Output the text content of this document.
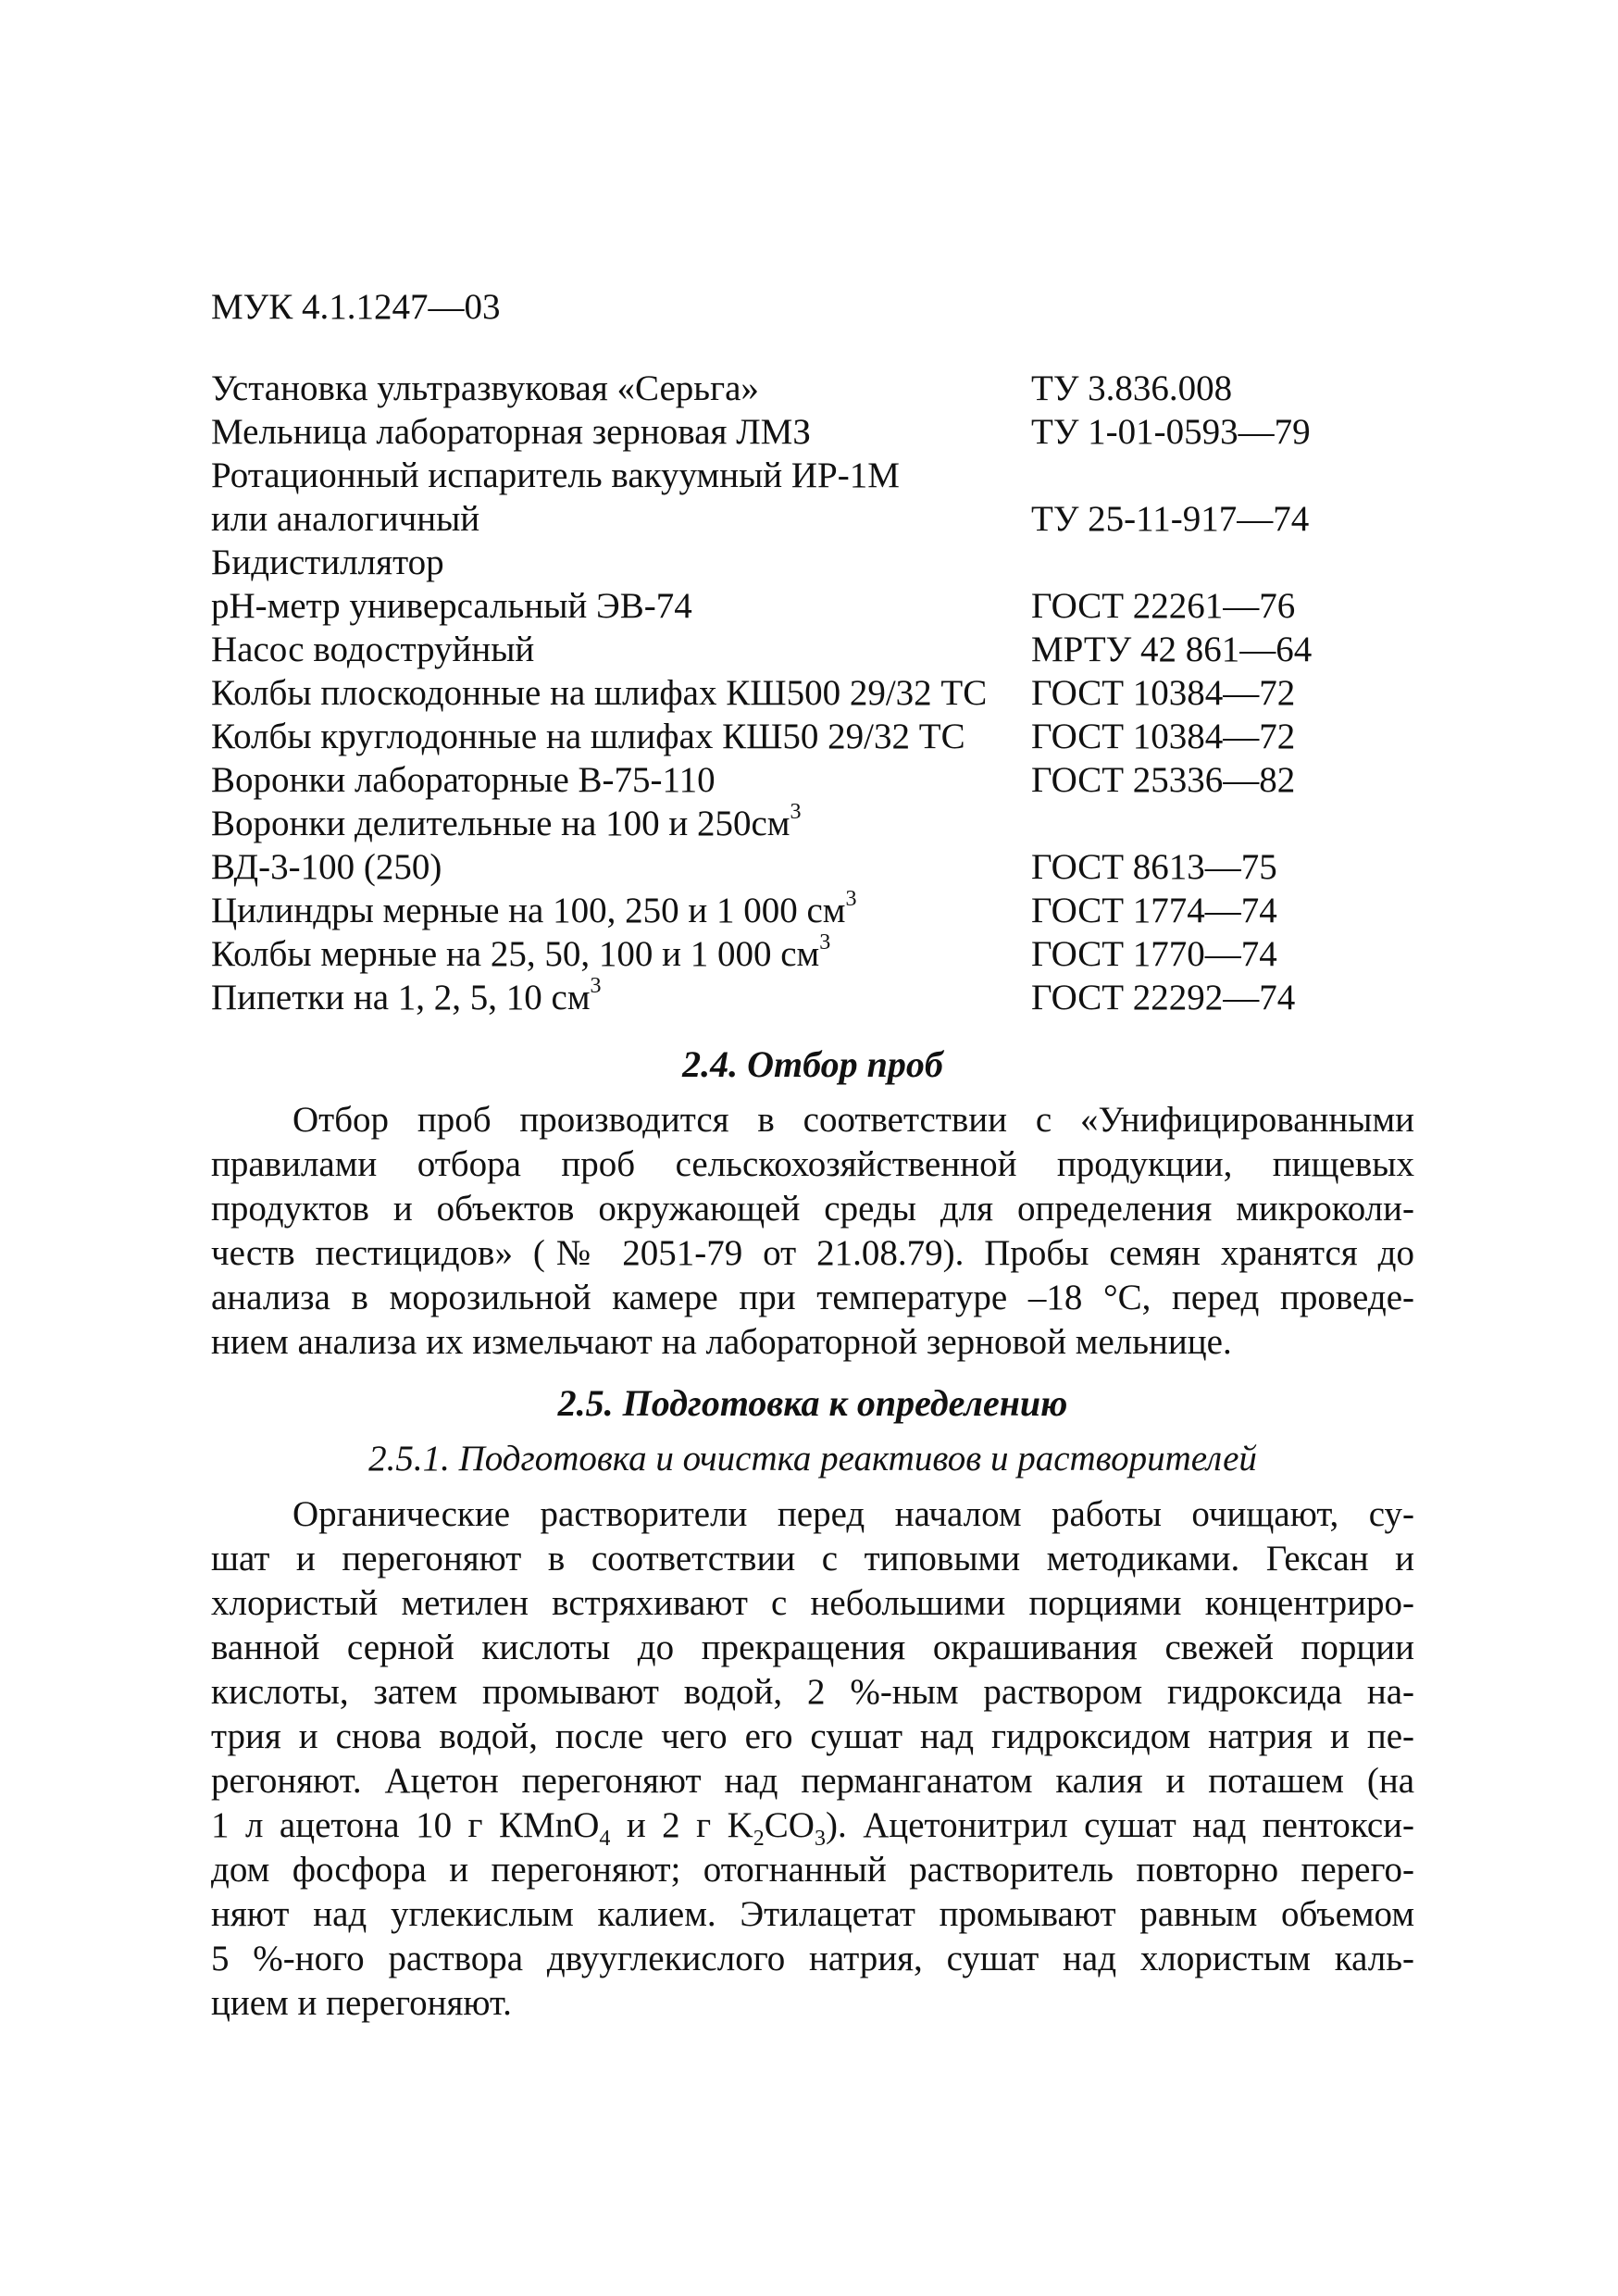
МУК 4.1.1247—03
Установка ультразвуковая «Серьга»	ТУ 3.836.008
Мельница лабораторная зерновая ЛМЗ	ТУ 1-01-0593—79
Ротационный испаритель вакуумный ИР-1М
или аналогичный	ТУ 25-11-917—74
Бидистиллятор
рН-метр универсальный ЭВ-74	ГОСТ 22261—76
Насос водоструйный	МРТУ 42 861—64
Колбы плоскодонные на шлифах КШ500 29/32 ТС ГОСТ 10384—72
Колбы круглодонные на шлифах КШ50 29/32 ТС ГОСТ 10384—72
Воронки лабораторные В-75-110	ГОСТ 25336—82
Воронки делительные на 100 и $250см^3$
ВД-3-100 (250)	ГОСТ 8613—75
Цилиндры мерные на 100, 250 и 1 000 $см^3$	ГОСТ 1774—74
Колбы мерные на 25, 50, 100 и 1 000 $см^3$	ГОСТ 1770—74
Пипетки на 1, 2, 5, 10 $см^3$	ГОСТ 22292—74
2.4. Отбор проб
Отбор проб производится в соответствии с «Унифицированными
правилами отбора проб сельскохозяйственной продукции, пищевых
продуктов и объектов окружающей среды для определения микроколи-
честв пестицидов» (№ 2051-79 от 21.08.79). Пробы семян хранятся до
анализа в морозильной камере при температуре –18 °С, перед проведе-
нием анализа их измельчают на лабораторной зерновой мельнице.
2.5. Подготовка к определению
2.5.1. Подготовка и очистка реактивов и растворителей
Органические растворители перед началом работы очищают, су-
шат и перегоняют в соответствии с типовыми методиками. Гексан и
хлористый метилен встряхивают с небольшими порциями концентриро-
ванной серной кислоты до прекращения окрашивания свежей порции
кислоты, затем промывают водой, 2 %-ным раствором гидроксида на-
трия и снова водой, после чего его сушат над гидроксидом натрия и пе-
регоняют. Ацетон перегоняют над перманганатом калия и поташем (на
1 л ацетона 10 г КMnO$_4$ и 2 г $K_2CO_3$). Ацетонитрил сушат над пентокси-
дом фосфора и перегоняют; отогнанный растворитель повторно перего-
няют над углекислым калием. Этилацетат промывают равным объемом
5 %-ного раствора двууглекислого натрия, сушат над хлористым каль-
цием и перегоняют.
